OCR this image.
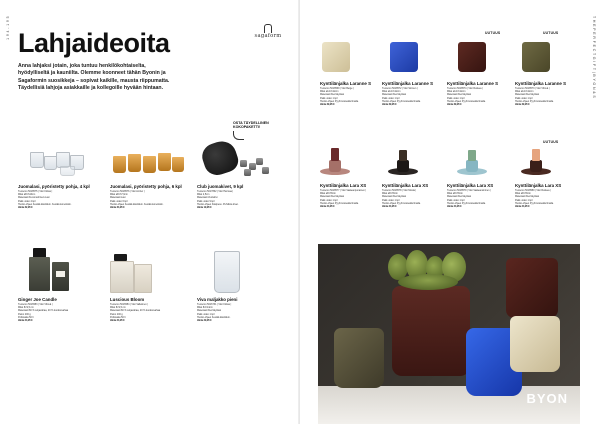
1 9 4 - 1 9 5
Lahjaideoita
Anna lahjaksi jotain, joka tuntuu henkilökohtaiselta, hyödylliseltä ja kauniilta. Olemme koonneet tähän Byonin ja Sagaformin suosikkeja – sopivat kaikille, mausta riippumatta. Täydellisiä lahjoja asiakkaille ja kollegoille hyvään hintaan.
sagaform
OSTA TÄYDELLINEN
KOKOPAKETTI!
Juomalasi, pyöristetty pohja, 4 kpl
Tuotenro 5018575 | Väri Kirkas |
Mitat ø8×h10cm
Materiaali Kuonnanhiveri-Lasi
Pakk.-koko 4 kpl
Huolto-ohjeet Kestää käsitiskin. Kestää konetiskin.
Hinta 32,95 €
Juomalasi, pyöristetty pohja, 6 kpl
Tuotenro 5018576 | Väri Amber |
Mitat ø8×h7,6cm
Materiaali Lasi
Pakk.-koko 6 kpl
Huolto-ohjeet Kestää käsitiskin. Kestää konetiskin.
Hinta 34,95 €
Club juomakivet, 9 kpl
Tuotenro 5017862 | Väri Harmaa |
Mitat 2,5cm
Materiaali Vuolukivi
Pakk.-koko 9 kpl
Huolto-ohjeet Käsipesu. Puhdista kivet.
Hinta 19,95 €
Ginger Joe Candle
Tuotenro 5016583 | Väri Vihreä |
Mitat 8×9,5 cm
Materiaali 80 % soijavahaa, 20 % kookosvahaa
Paino 200 g
Polttoaika 50 h
Hinta 24,95 €
Luscious Bloom
Tuotenro 5016584 | Väri Valkoinen |
Mitat 8×9,5 cm
Materiaali 80 % soijavahaa, 20 % kookosvahaa
Paino 200 g
Polttoaika 50 h
Hinta 24,95 €
Viva maljakko pieni
Tuotenro 5016731 | Väri Kirkas |
Mitat 8×h14cm
Materiaali Kierrätyslasi
Pakk.-koko 1 kpl
Huolto-ohjeet Kestää käsitiskin.
Hinta 29,95 €
T H E P E R F E C T G I F T | B Y O N & S
UUTUUS	UUTUUS
Kynttilänjalka Laranne S
Tuotenro 5018569 | Väri Beige |
Mitat ø12×h12cm
Materiaali Kierrätyslasi
Pakk.-koko 1 kpl
Huolto-ohjeet Pyyhi kostealla liinalla.
Hinta 39,95 €
Kynttilänjalka Laranne S
Tuotenro 5018572 | Väri Sininen |
Mitat ø12×h12cm
Materiaali Kierrätyslasi
Pakk.-koko 1 kpl
Huolto-ohjeet Pyyhi kostealla liinalla.
Hinta 39,95 €
Kynttilänjalka Laranne S
Tuotenro 5018574 | Väri Ruskea |
Mitat ø12×h12cm
Materiaali Kierrätyslasi
Pakk.-koko 1 kpl
Huolto-ohjeet Pyyhi kostealla liinalla.
Hinta 39,95 €
Kynttilänjalka Laranne S
Tuotenro 5018573 | Väri Vihreä |
Mitat ø12×h12cm
Materiaali Kierrätyslasi
Pakk.-koko 1 kpl
Huolto-ohjeet Pyyhi kostealla liinalla.
Hinta 39,95 €
UUTUUS
Kynttilänjalka Lara XS
Tuotenro 5018577 | Väri Vaaleanpunainen |
Mitat ø8×h5cm
Materiaali Kierrätyslasi
Pakk.-koko 1 kpl
Huolto-ohjeet Pyyhi kostealla liinalla.
Hinta 24,95 €
Kynttilänjalka Lara XS
Tuotenro 5018578 | Väri Musta |
Mitat ø8×h5cm
Materiaali Kierrätyslasi
Pakk.-koko 1 kpl
Huolto-ohjeet Pyyhi kostealla liinalla.
Hinta 24,95 €
Kynttilänjalka Lara XS
Tuotenro 5018579 | Väri Vaaleansininen |
Mitat ø8×h5cm
Materiaali Kierrätyslasi
Pakk.-koko 1 kpl
Huolto-ohjeet Pyyhi kostealla liinalla.
Hinta 24,95 €
Kynttilänjalka Lara XS
Tuotenro 5018580 | Väri Ruskea |
Mitat ø8×h5cm
Materiaali Kierrätyslasi
Pakk.-koko 1 kpl
Huolto-ohjeet Pyyhi kostealla liinalla.
Hinta 24,95 €
BYON
